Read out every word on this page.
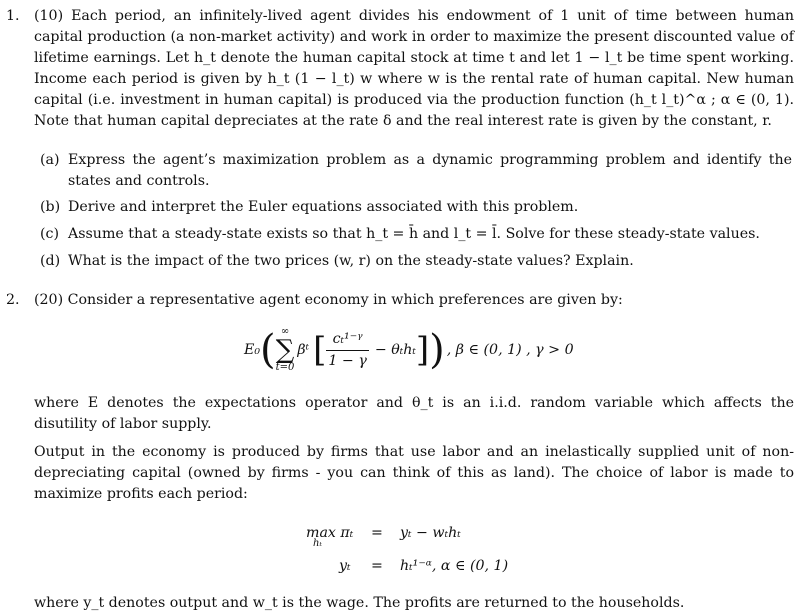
1. (10) Each period, an infinitely-lived agent divides his endowment of 1 unit of time between human capital production (a non-market activity) and work in order to maximize the present discounted value of lifetime earnings. Let h_t denote the human capital stock at time t and let 1 − l_t be time spent working. Income each period is given by h_t (1 − l_t) w where w is the rental rate of human capital. New human capital (i.e. investment in human capital) is produced via the production function (h_t l_t)^α ; α ∈ (0, 1). Note that human capital depreciates at the rate δ and the real interest rate is given by the constant, r.
(a) Express the agent’s maximization problem as a dynamic programming problem and identify the states and controls.
(b) Derive and interpret the Euler equations associated with this problem.
(c) Assume that a steady-state exists so that h_t = h̄ and l_t = l̄. Solve for these steady-state values.
(d) What is the impact of the two prices (w, r) on the steady-state values? Explain.
2. (20) Consider a representative agent economy in which preferences are given by:
E₀ ( ∞
∑
t=0
βᵗ [ $\frac{\text{cₜ¹⁻ᵞ}}{1 - \gamma} - \theta_th_t$ ] ) , β ∈ (0, 1) , γ > 0
where E denotes the expectations operator and θ_t is an i.i.d. random variable which affects the disutility of labor supply.
Output in the economy is produced by firms that use labor and an inelastically supplied unit of non-depreciating capital (owned by firms - you can think of this as land). The choice of labor is made to maximize profits each period:
max πₜ
hₜ
= yₜ − wₜhₜ
yₜ = hₜ¹⁻ᵅ, α ∈ (0, 1)
where y_t denotes output and w_t is the wage. The profits are returned to the households.
